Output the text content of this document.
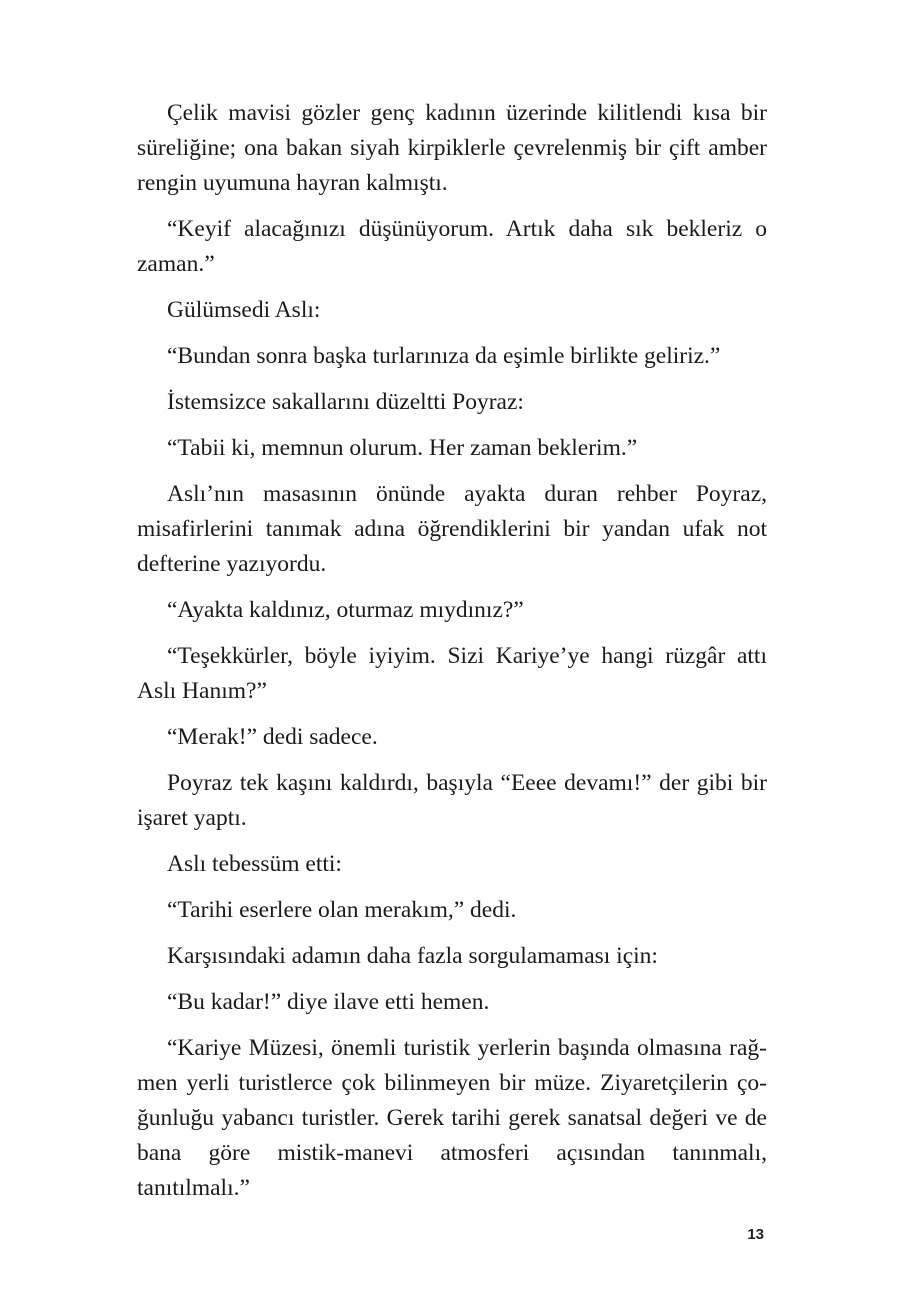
Çelik mavisi gözler genç kadının üzerinde kilitlendi kısa bir süreliğine; ona bakan siyah kirpiklerle çevrelenmiş bir çift amber rengin uyumuna hayran kalmıştı.

“Keyif alacağınızı düşünüyorum. Artık daha sık bekleriz o zaman.”

Gülümsedi Aslı:

“Bundan sonra başka turlarınıza da eşimle birlikte geliriz.”

İstemsizce sakallarını düzeltti Poyraz:

“Tabii ki, memnun olurum. Her zaman beklerim.”

Aslı’nın masasının önünde ayakta duran rehber Poyraz, misafirlerini tanımak adına öğrendiklerini bir yandan ufak not defterine yazıyordu.

“Ayakta kaldınız, oturmaz mıydınız?”

“Teşekkürler, böyle iyiyim. Sizi Kariye’ye hangi rüzgâr attı Aslı Hanım?”

“Merak!” dedi sadece.

Poyraz tek kaşını kaldırdı, başıyla “Eeee devamı!” der gibi bir işaret yaptı.

Aslı tebessüm etti:

“Tarihi eserlere olan merakım,” dedi.

Karşısındaki adamın daha fazla sorgulamaması için:

“Bu kadar!” diye ilave etti hemen.

“Kariye Müzesi, önemli turistik yerlerin başında olmasına rağmen yerli turistlerce çok bilinmeyen bir müze. Ziyaretçilerin çoğunluğu yabancı turistler. Gerek tarihi gerek sanatsal değeri ve de bana göre mistik-manevi atmosferi açısından tanınmalı, tanıtılmalı.”

13
